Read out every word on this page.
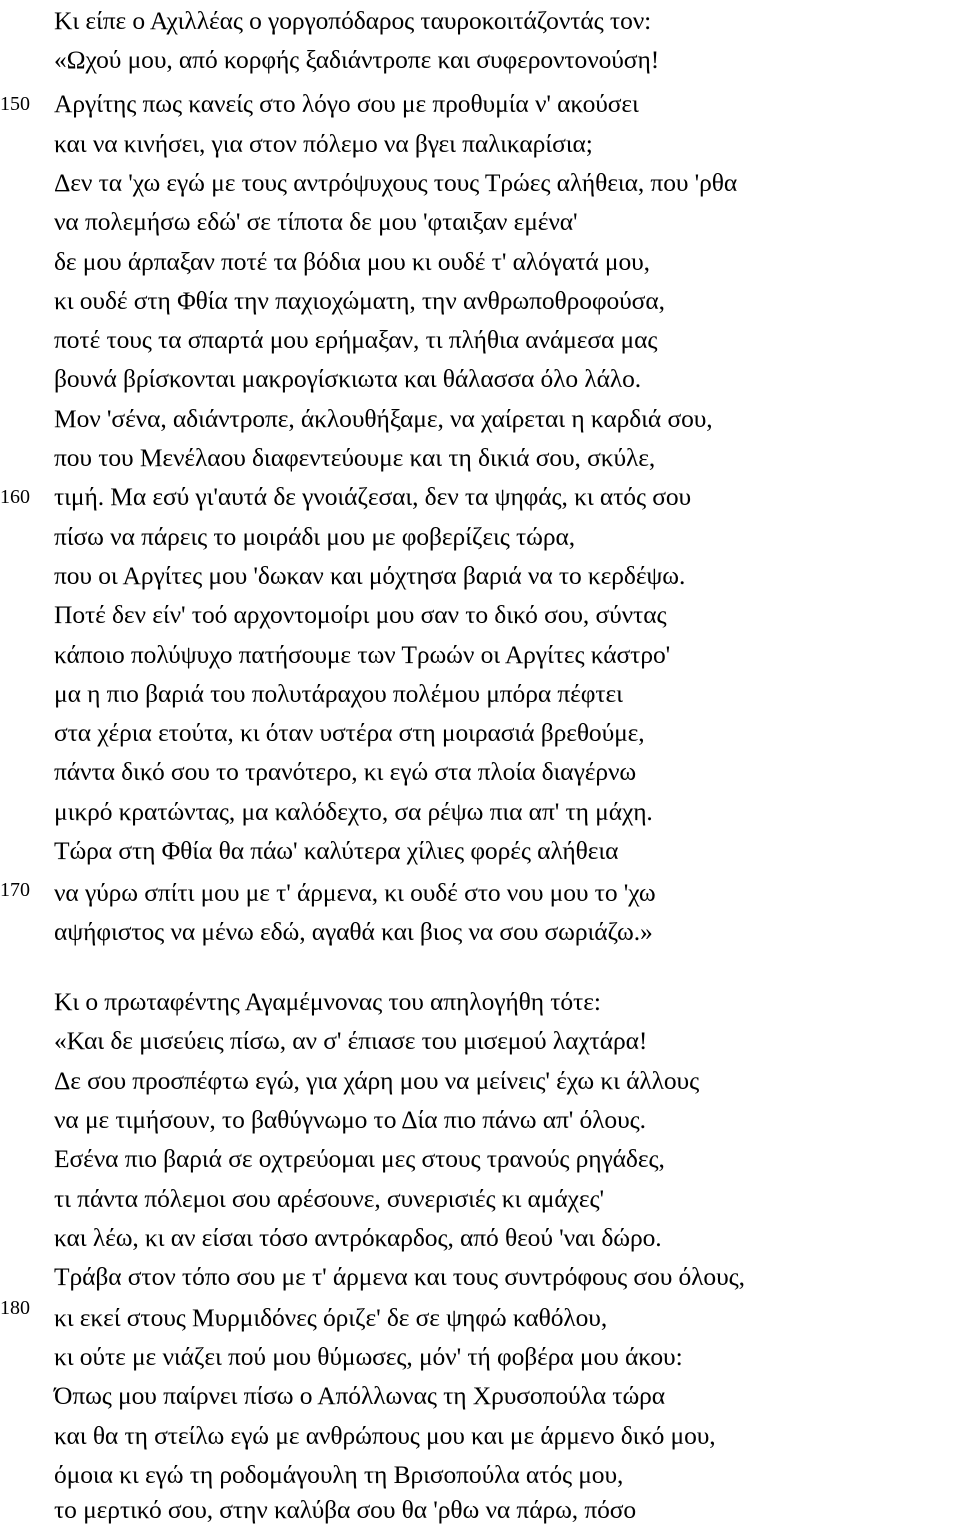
150
160
170
180
Κι είπε ο Αχιλλέας ο γοργοπόδαρος ταυροκοιτάζοντάς τον:
«Ωχού μου, από κορφής ξαδιάντροπε και συφεροντονούση!
Αργίτης πως κανείς στο λόγο σου με προθυμία ν' ακούσει
και να κινήσει, για στον πόλεμο να βγει παλικαρίσια;
Δεν τα 'χω εγώ με τους αντρόψυχους τους Τρώες αλήθεια, που 'ρθα
να πολεμήσω εδώ' σε τίποτα δε μου 'φταιξαν εμένα'
δε μου άρπαξαν ποτέ τα βόδια μου κι ουδέ τ' αλόγατά μου,
κι ουδέ στη Φθία την παχιοχώματη, την ανθρωποθροφούσα,
ποτέ τους τα σπαρτά μου ερήμαξαν, τι πλήθια ανάμεσα μας
βουνά βρίσκονται μακρογίσκιωτα και θάλασσα όλο λάλο.
Μον 'σένα, αδιάντροπε, άκλουθήξαμε, να χαίρεται η καρδιά σου,
που του Μενέλαου διαφεντεύουμε και τη δικιά σου, σκύλε,
τιμή. Μα εσύ γι'αυτά δε γνοιάζεσαι, δεν τα ψηφάς, κι ατός σου
πίσω να πάρεις το μοιράδι μου με φοβερίζεις τώρα,
που οι Αργίτες μου 'δωκαν και μόχτησα βαριά να το κερδέψω.
Ποτέ δεν είν' τοό αρχοντομοίρι μου σαν το δικό σου, σύντας
κάποιο πολύψυχο πατήσουμε των Τρωών οι Αργίτες κάστρο'
μα η πιο βαριά του πολυτάραχου πολέμου μπόρα πέφτει
στα χέρια ετούτα, κι όταν υστέρα στη μοιρασιά βρεθούμε,
πάντα δικό σου το τρανότερο, κι εγώ στα πλοία διαγέρνω
μικρό κρατώντας, μα καλόδεχτο, σα ρέψω πια απ' τη μάχη.
Τώρα στη Φθία θα πάω' καλύτερα χίλιες φορές αλήθεια
να γύρω σπίτι μου με τ' άρμενα, κι ουδέ στο νου μου το 'χω
αψήφιστος να μένω εδώ, αγαθά και βιος να σου σωριάζω.»
Κι ο πρωταφέντης Αγαμέμνονας του απηλογήθη τότε:
«Και δε μισεύεις πίσω, αν σ' έπιασε του μισεμού λαχτάρα!
Δε σου προσπέφτω εγώ, για χάρη μου να μείνεις' έχω κι άλλους
να με τιμήσουν, το βαθύγνωμο το Δία πιο πάνω απ' όλους.
Εσένα πιο βαριά σε οχτρεύομαι μες στους τρανούς ρηγάδες,
τι πάντα πόλεμοι σου αρέσουνε, συνερισιές κι αμάχες'
και λέω, κι αν είσαι τόσο αντρόκαρδος, από θεού 'ναι δώρο.
Τράβα στον τόπο σου με τ' άρμενα και τους συντρόφους σου όλους,
κι εκεί στους Μυρμιδόνες όριζε' δε σε ψηφώ καθόλου,
κι ούτε με νιάζει πού μου θύμωσες, μόν' τή φοβέρα μου άκου:
Όπως μου παίρνει πίσω ο Απόλλωνας τη Χρυσοπούλα τώρα
και θα τη στείλω εγώ με ανθρώπους μου και με άρμενο δικό μου,
όμοια κι εγώ τη ροδομάγουλη τη Βρισοπούλα ατός μου,
το μερτικό σου, στην καλύβα σου θα 'ρθω να πάρω, πόσο
